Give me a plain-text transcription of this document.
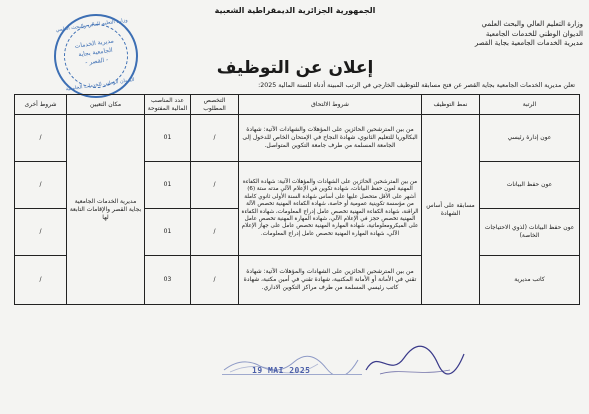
الجمهورية الجزائرية الديمقراطية الشعبية
وزارة التعليم العالي والبحث العلمي
الديوان الوطني للخدمات الجامعية
مديرية الخدمات الجامعية بجاية القصر
وزارة التعليم العالي والبحث العلمي
مديرية الخدمات
الجامعية بجاية
- القصر -
الديوان الوطني للخدمات الجامعية
إعلان عن التوظيف
تعلن مديرية الخدمات الجامعية بجاية القصر عن فتح مسابقة للتوظيف الخارجي في الرتب المبينة أدناه للسنة المالية 2025:
الرتبة	نمط التوظيف	شروط الالتحاق	التخصص المطلوب	عدد المناصب المالية المفتوحة	مكان التعيين	شروط أخرى
عون إدارة رئيسي	مسابقة على أساس الشهادة	من بين المترشحين الحائزين على المؤهلات والشهادات الآتية: شهادة البكالوريا للتعليم الثانوي، شهادة النجاح في الإمتحان الخاص للدخول إلى الجامعة المسلمة من طرف جامعة التكوين المتواصل.	/	01	مديرية الخدمات الجامعية بجاية القصر والإقامات التابعة لها	/
عون حفظ البيانات		من بين المترشحين الحائزين على الشهادات والمؤهلات الآتية: شهادة الكفاءة المهنية لعون حفظ البيانات، شهادة تكوين في الإعلام الآلي مدته ستة (6) أشهر على الأقل متحصل عليها على أساس شهادة السنة الأولى ثانوي كاملة من مؤسسة تكوينية عمومية أو خاصة، شهادة الكفاءة المهنية تخصص الآلة الراقنة، شهادة الكفاءة المهنية تخصص عامل إدراج المعلومات، شهادة الكفاءة المهنية تخصص حجز في الإعلام الآلي، شهادة المهارة المهنية تخصص عامل على الميكرومعلوماتية، شهادة المهارة المهنية تخصص عامل على جهاز الإعلام الآلي، شهادة المهارة المهنية تخصص عامل إدراج المعلومات.	/	01		/
عون حفظ البيانات (لذوي الاحتياجات الخاصة)			/	01		/
كاتب مديرية		من بين المترشحين الحائزين على الشهادات والمؤهلات الآتية: شهادة تقني في الأمانة أو الأمانة المكتبية، شهادة تقني في أمين مكتبة، شهادة كاتب رئيسي المسلمة من طرف مراكز التكوين الاداري.	/	03		/
19 MAI 2025
